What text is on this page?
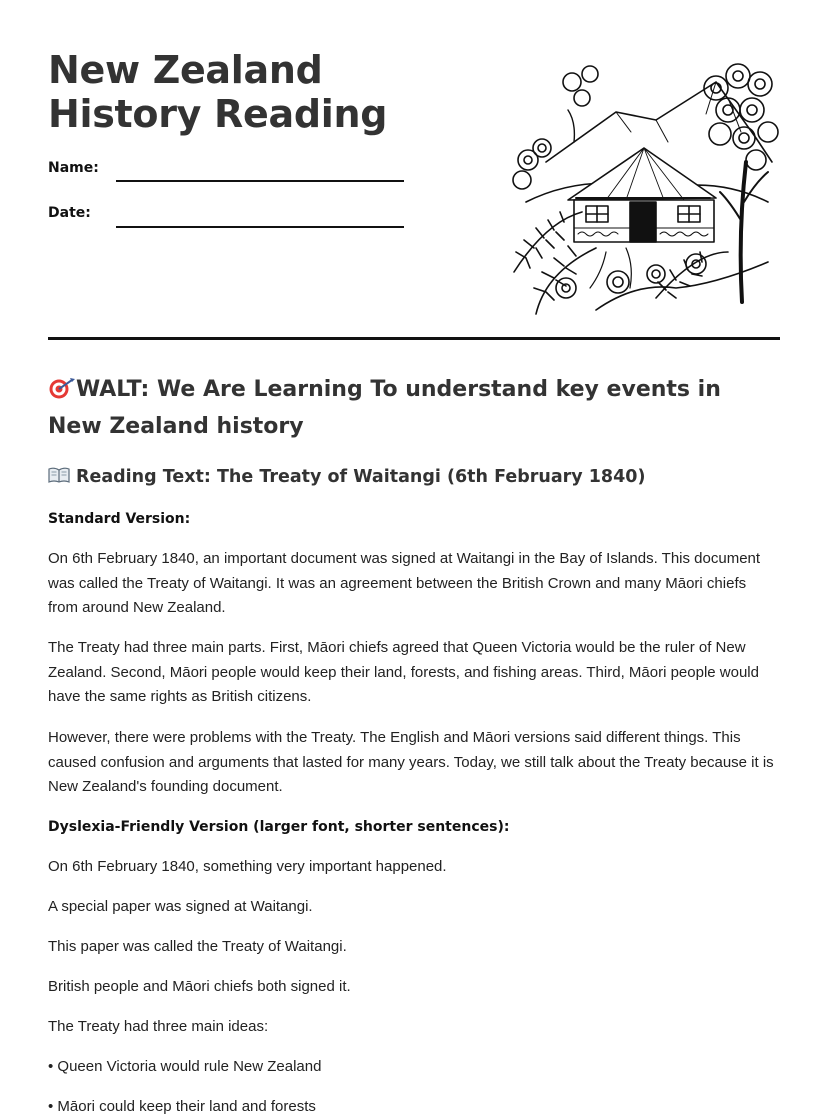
New Zealand History Reading
Name:
Date:
WALT: We Are Learning To understand key events in New Zealand history
Reading Text: The Treaty of Waitangi (6th February 1840)
Standard Version:

On 6th February 1840, an important document was signed at Waitangi in the Bay of Islands. This document was called the Treaty of Waitangi. It was an agreement between the British Crown and many Māori chiefs from around New Zealand.

The Treaty had three main parts. First, Māori chiefs agreed that Queen Victoria would be the ruler of New Zealand. Second, Māori people would keep their land, forests, and fishing areas. Third, Māori people would have the same rights as British citizens.

However, there were problems with the Treaty. The English and Māori versions said different things. This caused confusion and arguments that lasted for many years. Today, we still talk about the Treaty because it is New Zealand's founding document.

Dyslexia-Friendly Version (larger font, shorter sentences):

On 6th February 1840, something very important happened.

A special paper was signed at Waitangi.

This paper was called the Treaty of Waitangi.

British people and Māori chiefs both signed it.

The Treaty had three main ideas:

• Queen Victoria would rule New Zealand

• Māori could keep their land and forests
